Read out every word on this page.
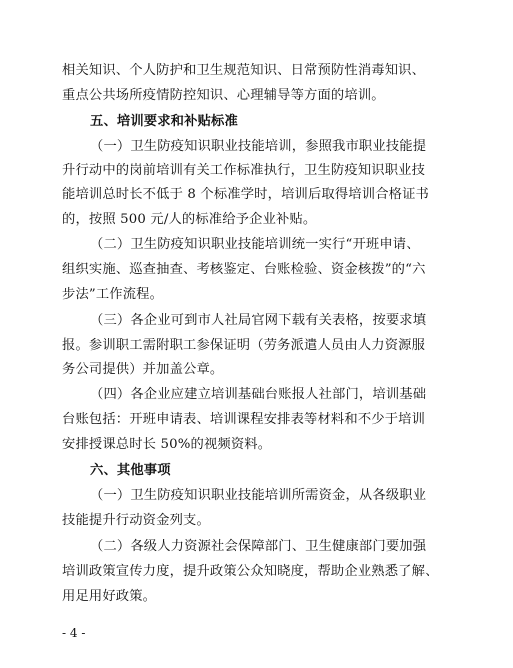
相关知识、个人防护和卫生规范知识、日常预防性消毒知识、
重点公共场所疫情防控知识、心理辅导等方面的培训。
五、培训要求和补贴标准
（一）卫生防疫知识职业技能培训，参照我市职业技能提
升行动中的岗前培训有关工作标准执行，卫生防疫知识职业技
能培训总时长不低于 8 个标准学时，培训后取得培训合格证书
的，按照 500 元/人的标准给予企业补贴。
（二）卫生防疫知识职业技能培训统一实行“开班申请、
组织实施、巡查抽查、考核鉴定、台账检验、资金核拨”的“六
步法”工作流程。
（三）各企业可到市人社局官网下载有关表格，按要求填
报。参训职工需附职工参保证明（劳务派遣人员由人力资源服
务公司提供）并加盖公章。
（四）各企业应建立培训基础台账报人社部门，培训基础
台账包括：开班申请表、培训课程安排表等材料和不少于培训
安排授课总时长 50%的视频资料。
六、其他事项
（一）卫生防疫知识职业技能培训所需资金，从各级职业
技能提升行动资金列支。
（二）各级人力资源社会保障部门、卫生健康部门要加强
培训政策宣传力度，提升政策公众知晓度，帮助企业熟悉了解、
用足用好政策。
- 4 -
